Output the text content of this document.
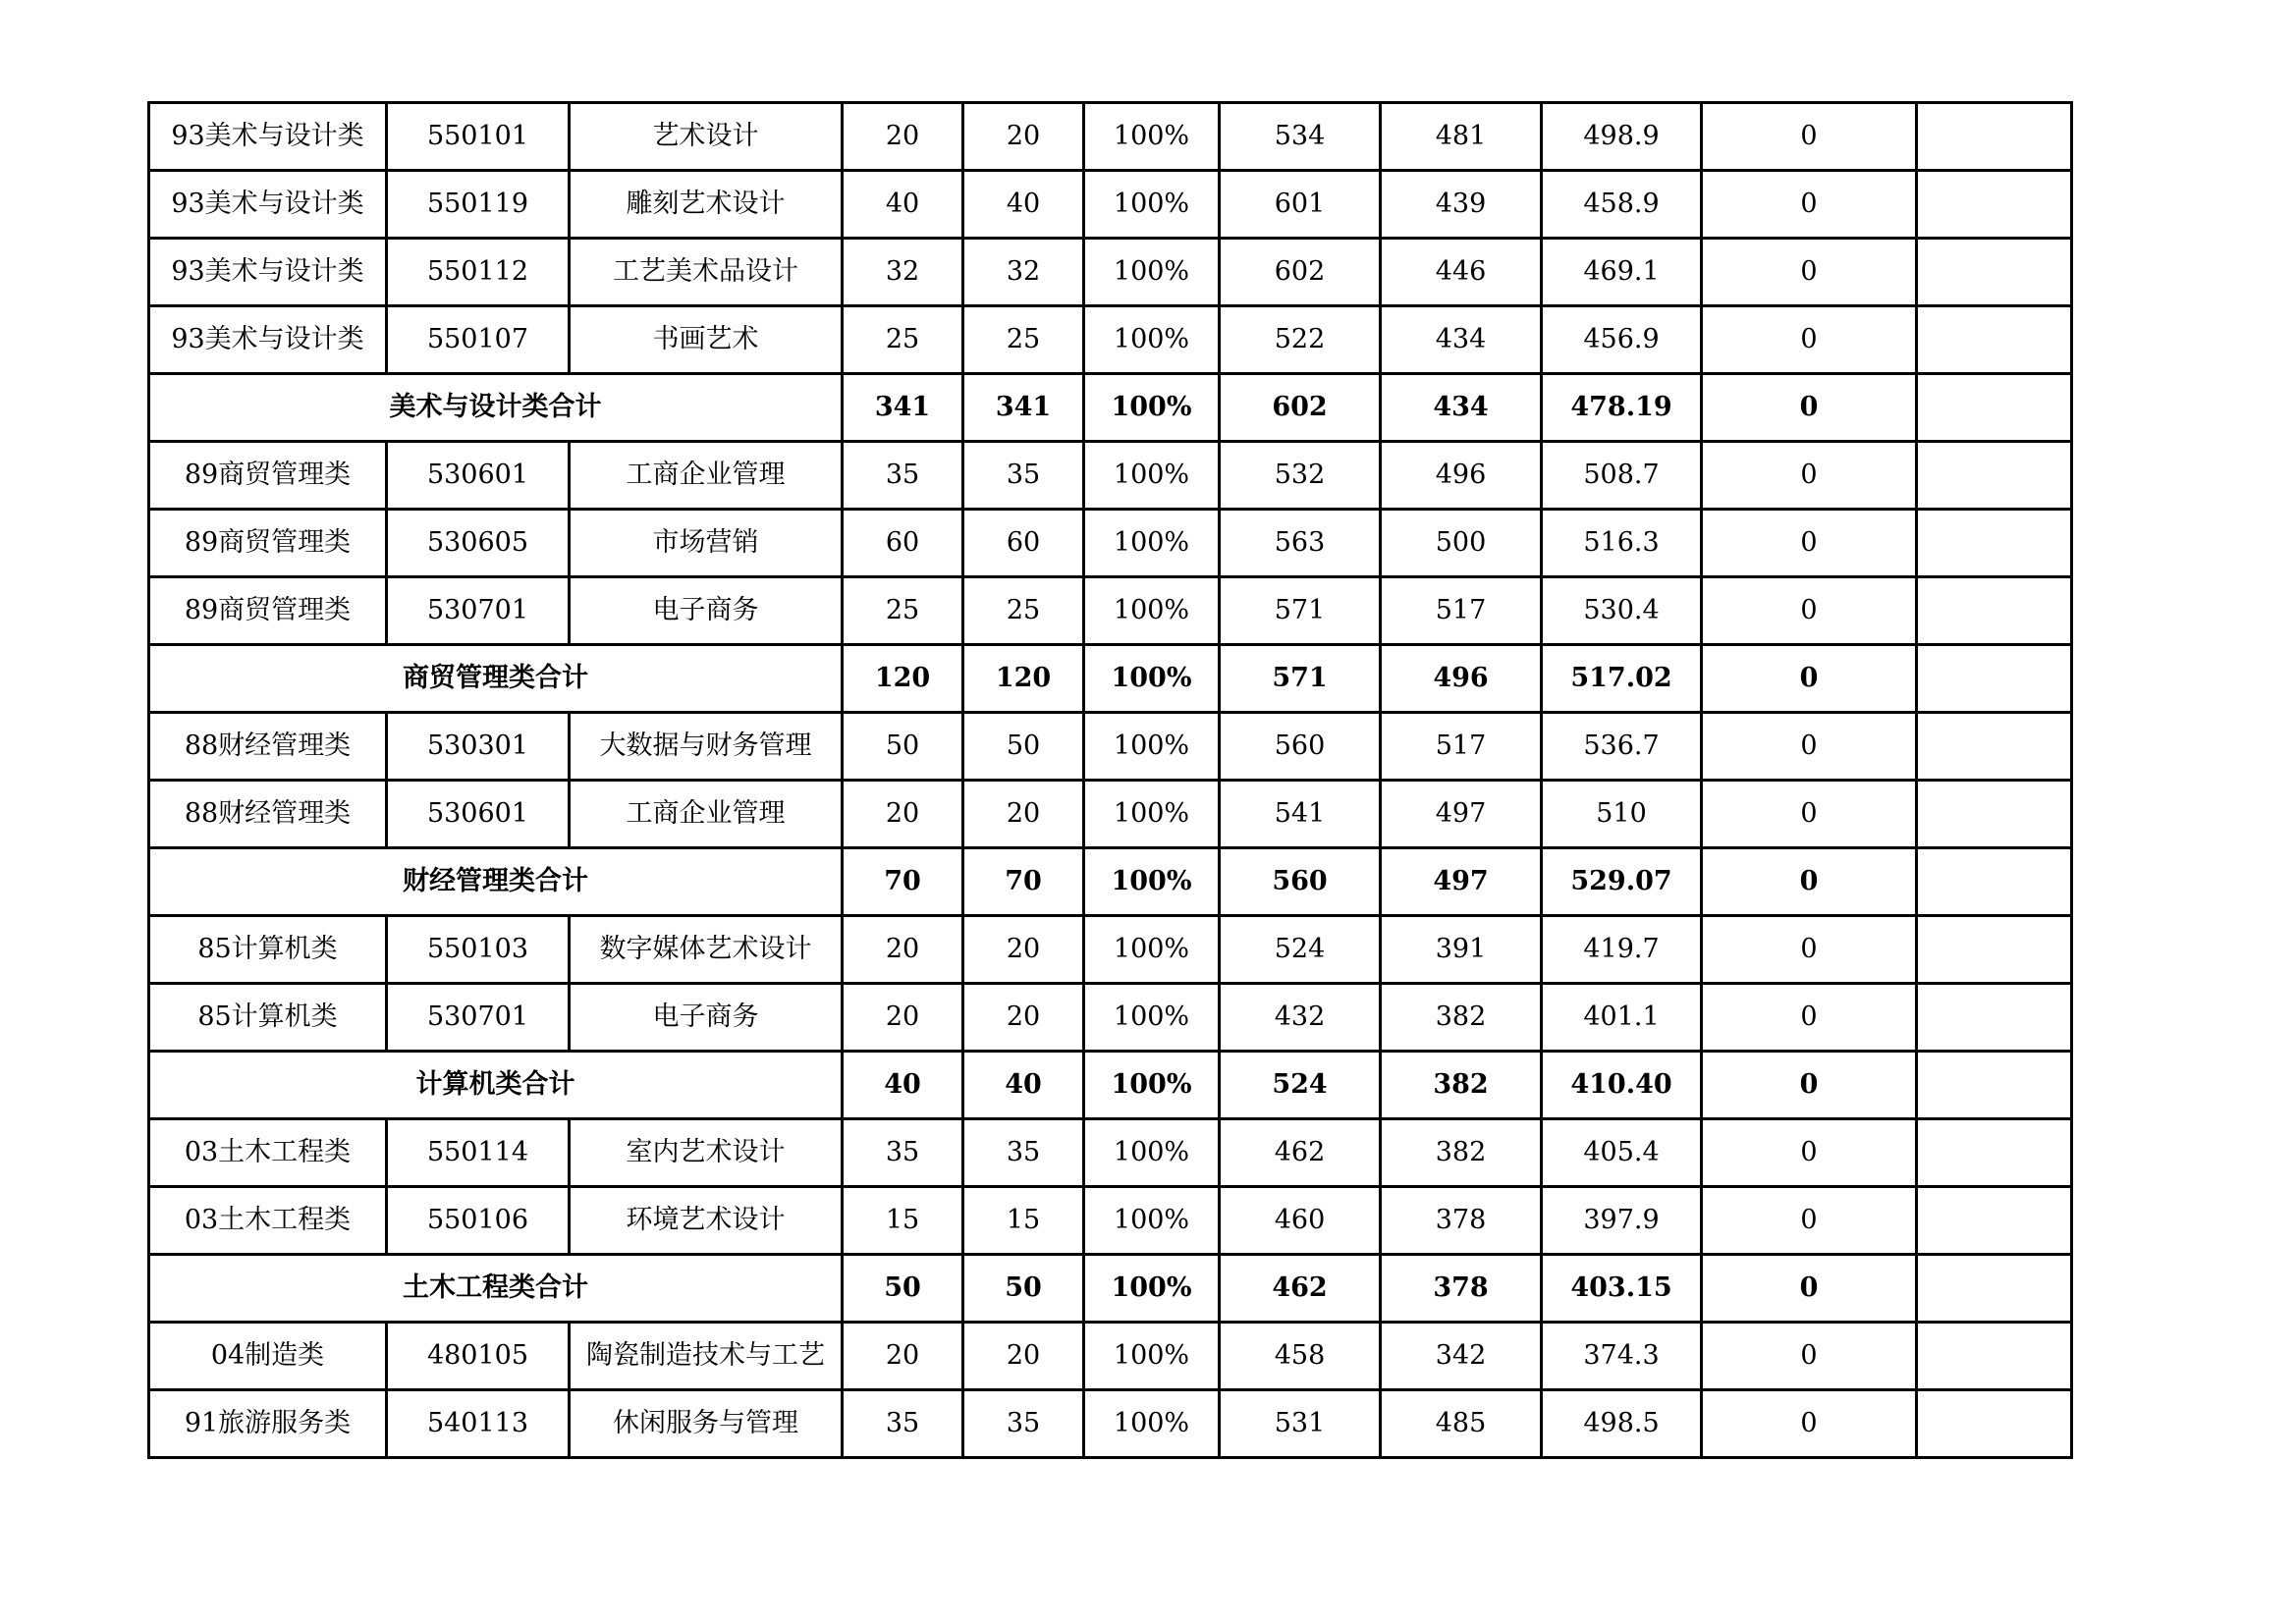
93美术与设计类	550101	艺术设计	20	20	100%	534	481	498.9	0	
93美术与设计类	550119	雕刻艺术设计	40	40	100%	601	439	458.9	0	
93美术与设计类	550112	工艺美术品设计	32	32	100%	602	446	469.1	0	
93美术与设计类	550107	书画艺术	25	25	100%	522	434	456.9	0	
美术与设计类合计			341	341	100%	602	434	478.19	0	
89商贸管理类	530601	工商企业管理	35	35	100%	532	496	508.7	0	
89商贸管理类	530605	市场营销	60	60	100%	563	500	516.3	0	
89商贸管理类	530701	电子商务	25	25	100%	571	517	530.4	0	
商贸管理类合计			120	120	100%	571	496	517.02	0	
88财经管理类	530301	大数据与财务管理	50	50	100%	560	517	536.7	0	
88财经管理类	530601	工商企业管理	20	20	100%	541	497	510	0	
财经管理类合计			70	70	100%	560	497	529.07	0	
85计算机类	550103	数字媒体艺术设计	20	20	100%	524	391	419.7	0	
85计算机类	530701	电子商务	20	20	100%	432	382	401.1	0	
计算机类合计			40	40	100%	524	382	410.40	0	
03土木工程类	550114	室内艺术设计	35	35	100%	462	382	405.4	0	
03土木工程类	550106	环境艺术设计	15	15	100%	460	378	397.9	0	
土木工程类合计			50	50	100%	462	378	403.15	0	
04制造类	480105	陶瓷制造技术与工艺	20	20	100%	458	342	374.3	0	
91旅游服务类	540113	休闲服务与管理	35	35	100%	531	485	498.5	0	
